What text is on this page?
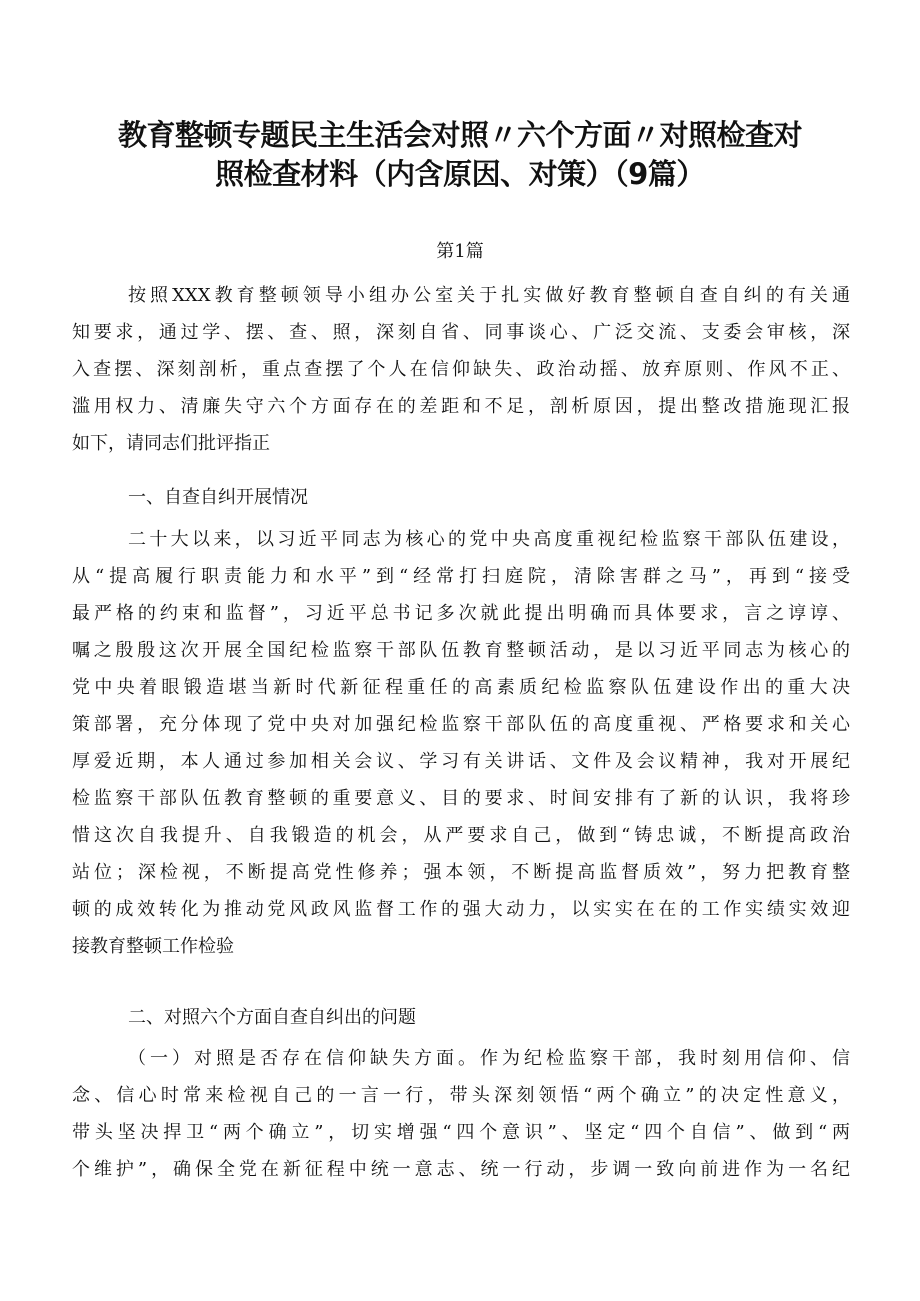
教育整顿专题民主生活会对照〃六个方面〃对照检查对
照检查材料（内含原因、对策）（9篇）
第1篇
按照XXX教育整顿领导小组办公室关于扎实做好教育整顿自查自纠的有关通
知要求，通过学、摆、查、照，深刻自省、同事谈心、广泛交流、支委会审核，深
入查摆、深刻剖析，重点查摆了个人在信仰缺失、政治动摇、放弃原则、作风不正、
滥用权力、清廉失守六个方面存在的差距和不足，剖析原因，提出整改措施现汇报
如下，请同志们批评指正
一、自查自纠开展情况
二十大以来，以习近平同志为核心的党中央高度重视纪检监察干部队伍建设，
从“提高履行职责能力和水平”到“经常打扫庭院，清除害群之马”，再到“接受
最严格的约束和监督”，习近平总书记多次就此提出明确而具体要求，言之谆谆、
嘱之殷殷这次开展全国纪检监察干部队伍教育整顿活动，是以习近平同志为核心的
党中央着眼锻造堪当新时代新征程重任的高素质纪检监察队伍建设作出的重大决
策部署，充分体现了党中央对加强纪检监察干部队伍的高度重视、严格要求和关心
厚爱近期，本人通过参加相关会议、学习有关讲话、文件及会议精神，我对开展纪
检监察干部队伍教育整顿的重要意义、目的要求、时间安排有了新的认识，我将珍
惜这次自我提升、自我锻造的机会，从严要求自己，做到“铸忠诚，不断提高政治
站位；深检视，不断提高党性修养；强本领，不断提高监督质效”，努力把教育整
顿的成效转化为推动党风政风监督工作的强大动力，以实实在在的工作实绩实效迎
接教育整顿工作检验
二、对照六个方面自查自纠出的问题
（一）对照是否存在信仰缺失方面。作为纪检监察干部，我时刻用信仰、信
念、信心时常来检视自己的一言一行，带头深刻领悟“两个确立”的决定性意义，
带头坚决捍卫“两个确立”，切实增强“四个意识”、坚定“四个自信”、做到“两
个维护”，确保全党在新征程中统一意志、统一行动，步调一致向前进作为一名纪
